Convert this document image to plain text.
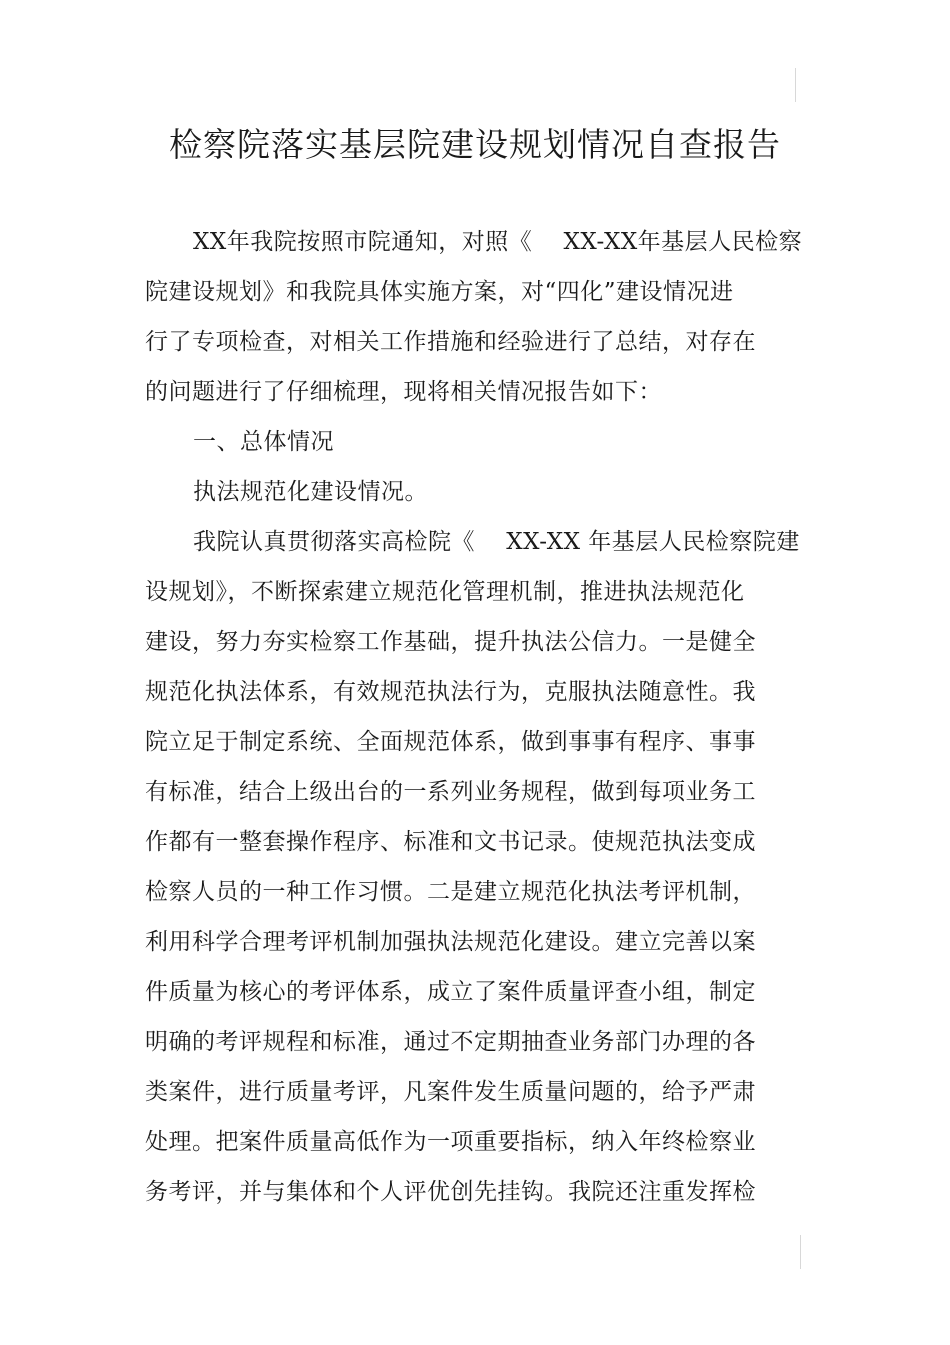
检察院落实基层院建设规划情况自查报告
XX年我院按照市院通知，对照《　 XX-XX年基层人民检察
院建设规划》和我院具体实施方案，对“四化”建设情况进
行了专项检查，对相关工作措施和经验进行了总结，对存在
的问题进行了仔细梳理，现将相关情况报告如下：
一、总体情况
执法规范化建设情况。
我院认真贯彻落实高检院《　 XX-XX 年基层人民检察院建
设规划》，不断探索建立规范化管理机制，推进执法规范化
建设，努力夯实检察工作基础，提升执法公信力。一是健全
规范化执法体系，有效规范执法行为，克服执法随意性。我
院立足于制定系统、全面规范体系，做到事事有程序、事事
有标准，结合上级出台的一系列业务规程，做到每项业务工
作都有一整套操作程序、标准和文书记录。使规范执法变成
检察人员的一种工作习惯。二是建立规范化执法考评机制，
利用科学合理考评机制加强执法规范化建设。建立完善以案
件质量为核心的考评体系，成立了案件质量评查小组，制定
明确的考评规程和标准，通过不定期抽查业务部门办理的各
类案件，进行质量考评，凡案件发生质量问题的，给予严肃
处理。把案件质量高低作为一项重要指标，纳入年终检察业
务考评，并与集体和个人评优创先挂钩。我院还注重发挥检
